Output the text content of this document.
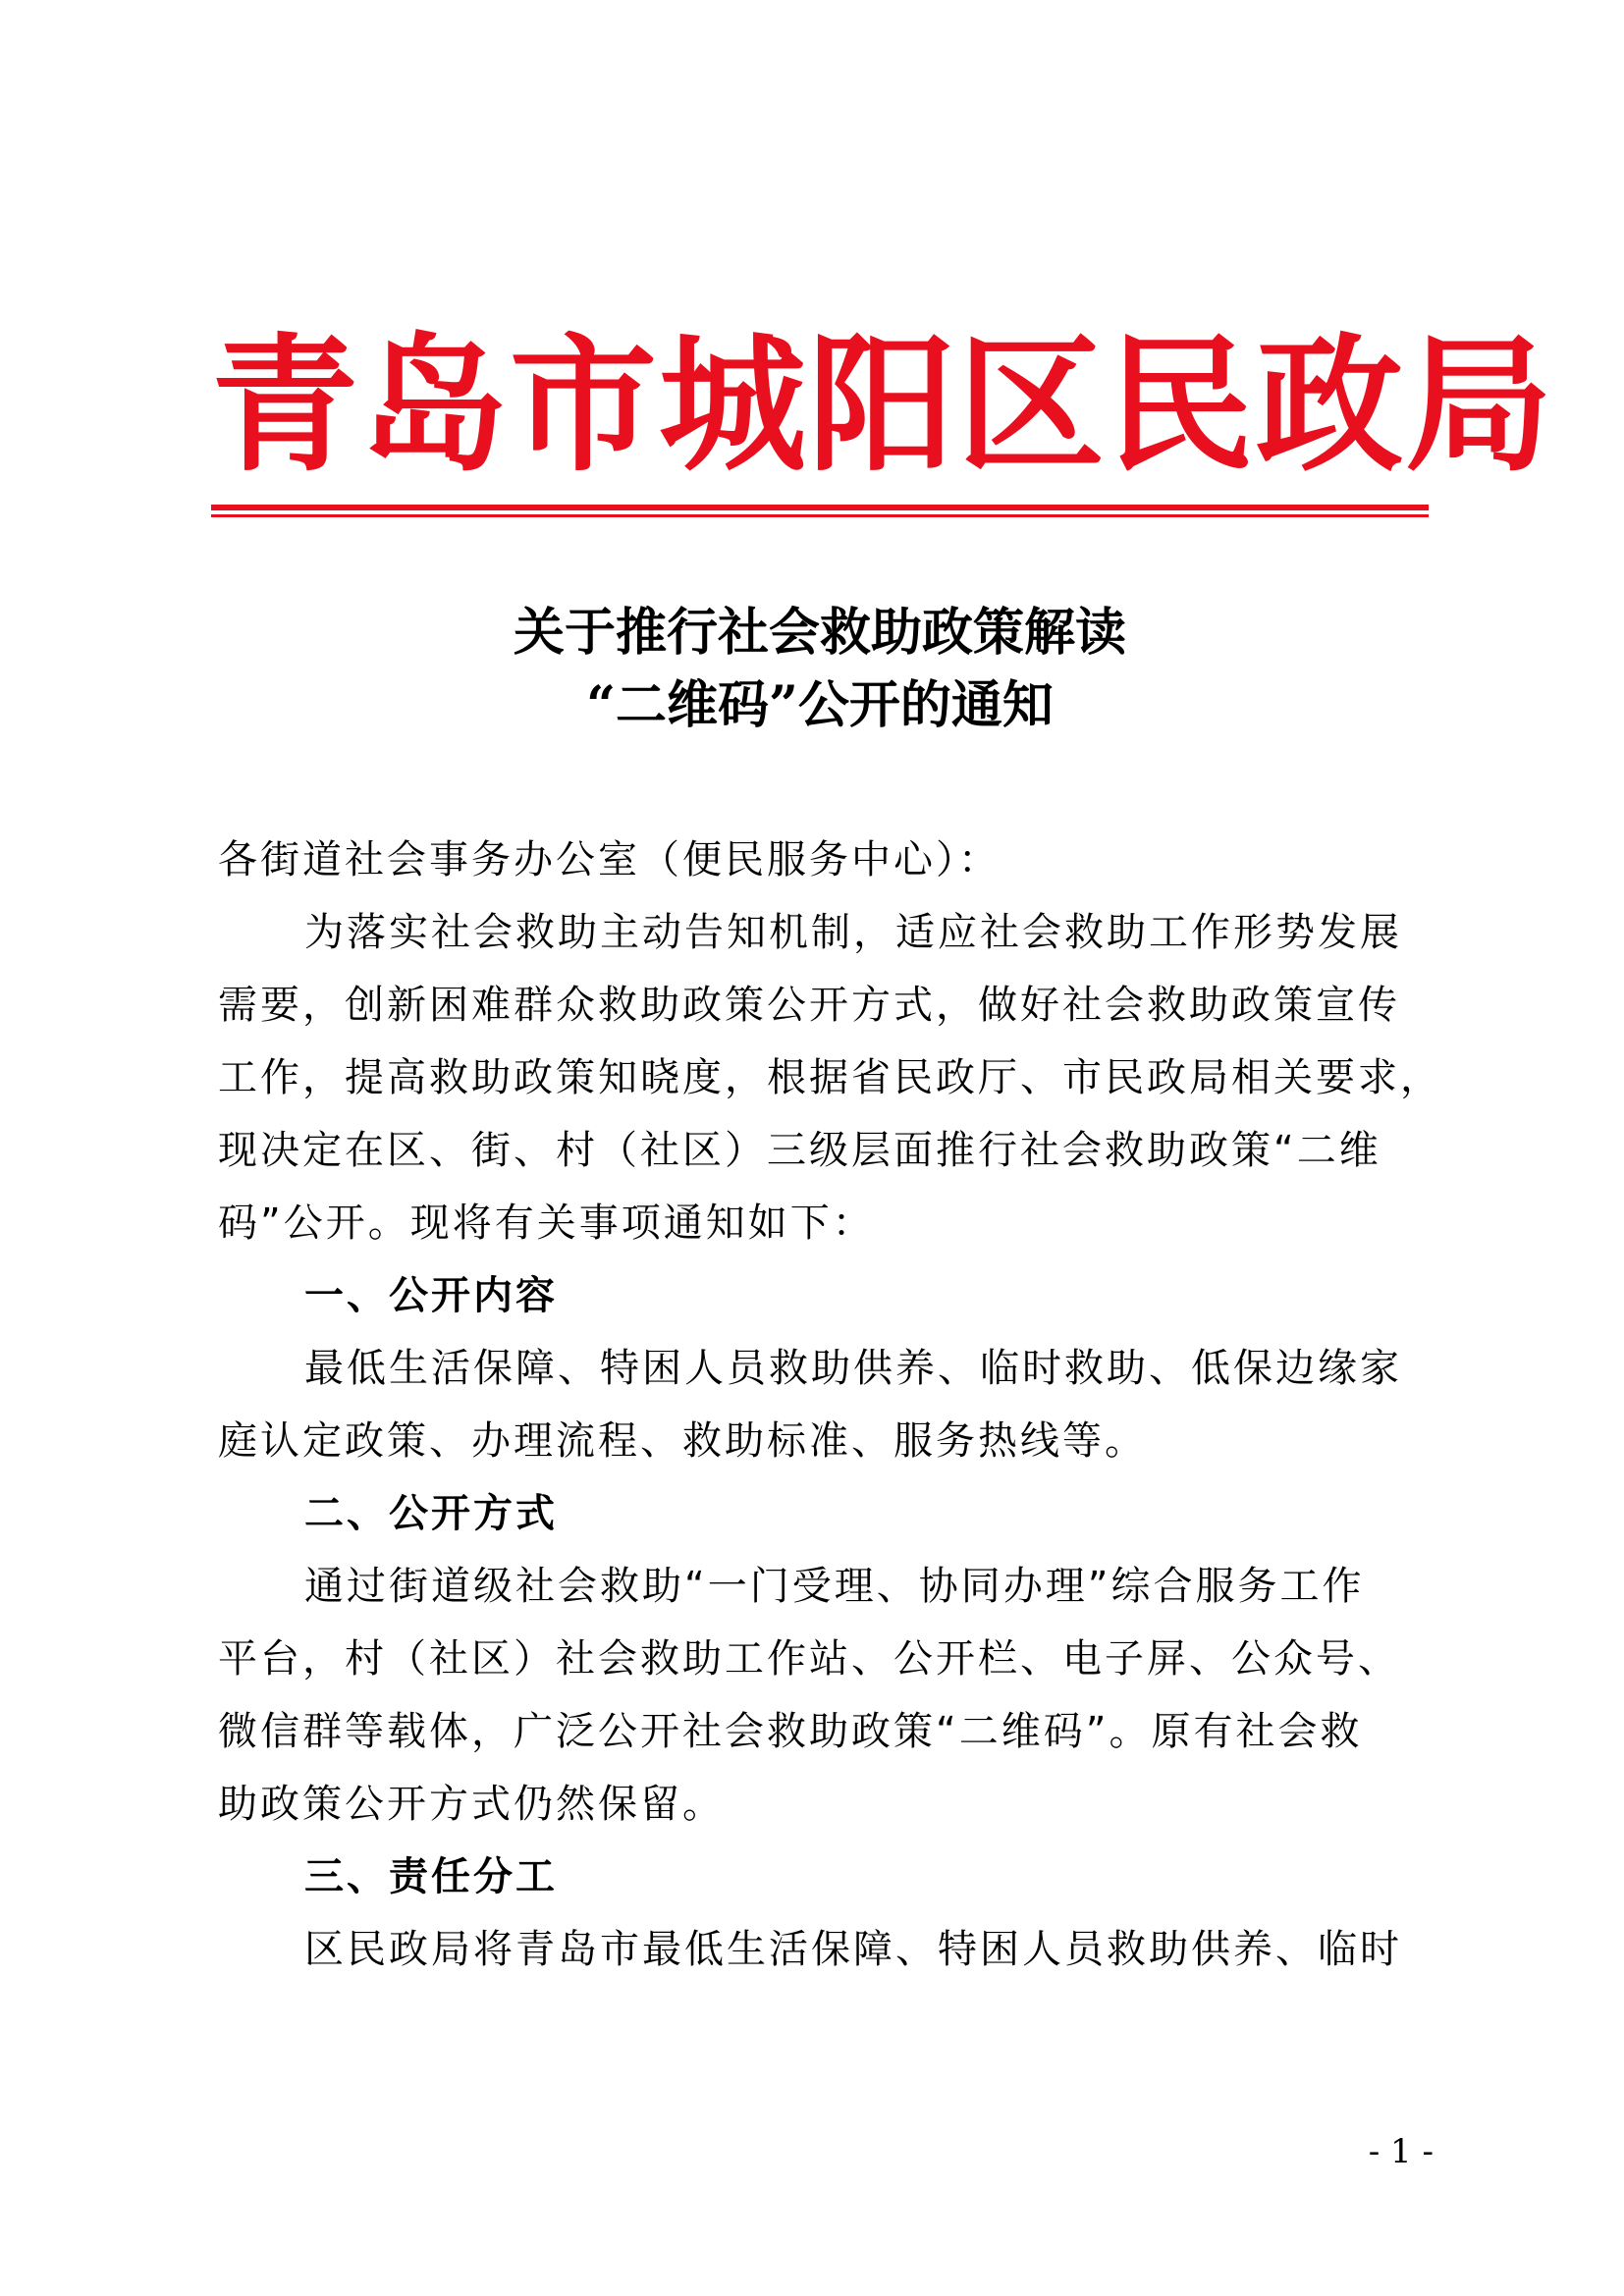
青岛市城阳区民政局
关于推行社会救助政策解读
“二维码”公开的通知
各街道社会事务办公室（便民服务中心）：
为落实社会救助主动告知机制，适应社会救助工作形势发展
需要，创新困难群众救助政策公开方式，做好社会救助政策宣传
工作，提高救助政策知晓度，根据省民政厅、市民政局相关要求，
现决定在区、街、村（社区）三级层面推行社会救助政策“二维
码”公开。现将有关事项通知如下：
一、公开内容
最低生活保障、特困人员救助供养、临时救助、低保边缘家
庭认定政策、办理流程、救助标准、服务热线等。
二、公开方式
通过街道级社会救助“一门受理、协同办理”综合服务工作
平台，村（社区）社会救助工作站、公开栏、电子屏、公众号、
微信群等载体，广泛公开社会救助政策“二维码”。原有社会救
助政策公开方式仍然保留。
三、责任分工
区民政局将青岛市最低生活保障、特困人员救助供养、临时
- 1 -
